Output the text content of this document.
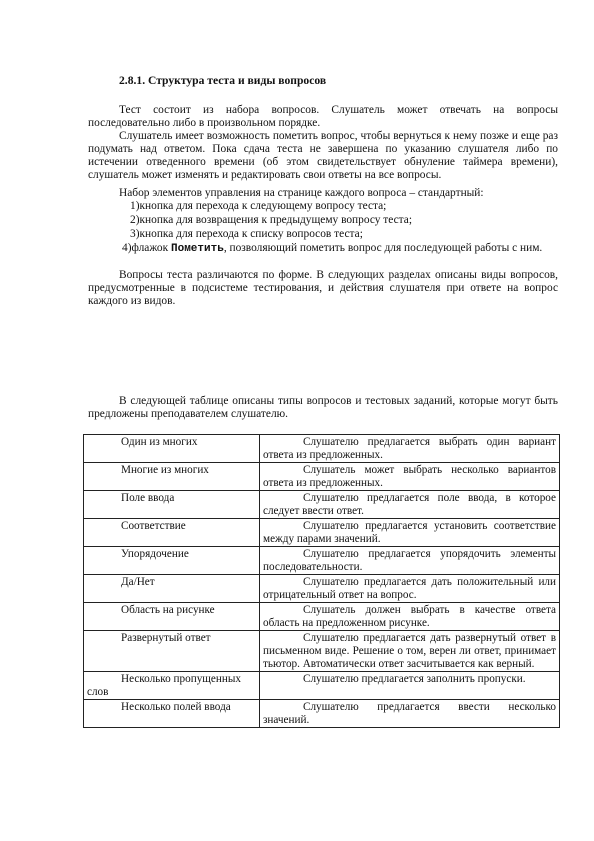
2.8.1. Структура теста и виды вопросов

Тест состоит из набора вопросов. Слушатель может отвечать на вопросы последовательно либо в произвольном порядке.

Слушатель имеет возможность пометить вопрос, чтобы вернуться к нему позже и еще раз подумать над ответом. Пока сдача теста не завершена по указанию слушателя либо по истечении отведенного времени (об этом свидетельствует обнуление таймера времени), слушатель может изменять и редактировать свои ответы на все вопросы.

Набор элементов управления на странице каждого вопроса – стандартный:

1)кнопка для перехода к следующему вопросу теста;

2)кнопка для возвращения к предыдущему вопросу теста;

3)кнопка для перехода к списку вопросов теста;

4)флажок Пометить, позволяющий пометить вопрос для последующей работы с ним.

Вопросы теста различаются по форме. В следующих разделах описаны виды вопросов, предусмотренные в подсистеме тестирования, и действия слушателя при ответе на вопрос каждого из видов.

В следующей таблице описаны типы вопросов и тестовых заданий, которые могут быть предложены преподавателем слушателю.

Один из многих	Слушателю предлагается выбрать один вариант ответа из предложенных.
Многие из многих	Слушатель может выбрать несколько вариантов ответа из предложенных.
Поле ввода	Слушателю предлагается поле ввода, в которое следует ввести ответ.
Соответствие	Слушателю предлагается установить соответствие между парами значений.
Упорядочение	Слушателю предлагается упорядочить элементы последовательности.
Да/Нет	Слушателю предлагается дать положительный или отрицательный ответ на вопрос.
Область на рисунке	Слушатель должен выбрать в качестве ответа область на предложенном рисунке.
Развернутый ответ	Слушателю предлагается дать развернутый ответ в письменном виде. Решение о том, верен ли ответ, принимает тьютор. Автоматически ответ засчитывается как верный.
Несколько пропущенных слов	Слушателю предлагается заполнить пропуски.
Несколько полей ввода	Слушателю предлагается ввести несколько значений.
